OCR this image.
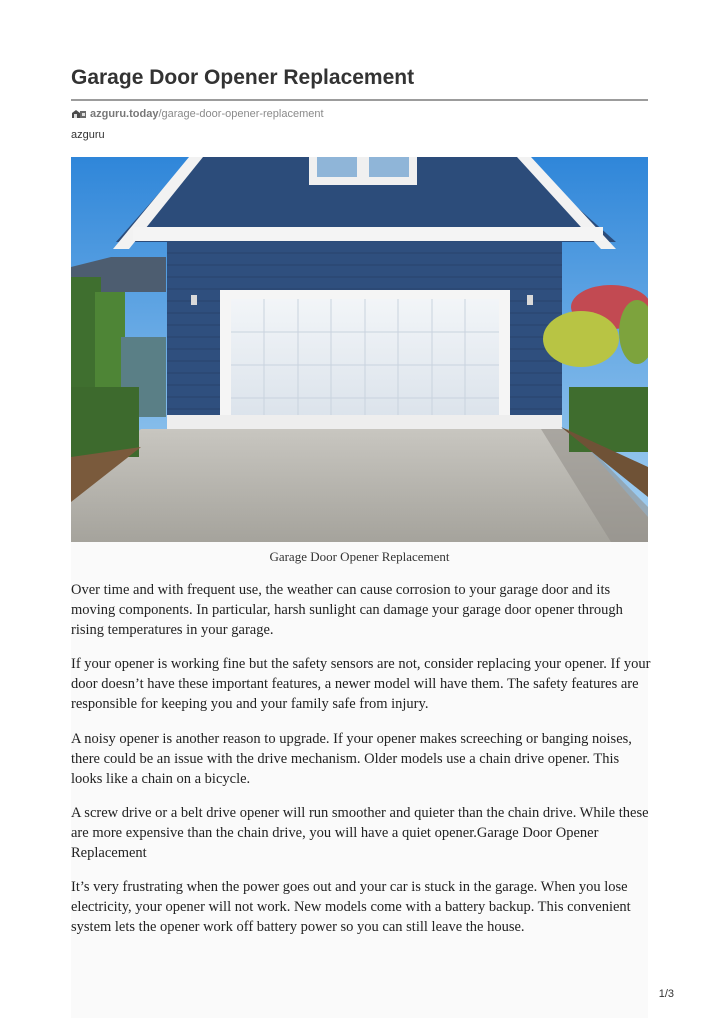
Garage Door Opener Replacement
azguru.today/garage-door-opener-replacement
azguru
Garage Door Opener Replacement

Over time and with frequent use, the weather can cause corrosion to your garage door and its moving components. In particular, harsh sunlight can damage your garage door opener through rising temperatures in your garage.

If your opener is working fine but the safety sensors are not, consider replacing your opener. If your door doesn’t have these important features, a newer model will have them. The safety features are responsible for keeping you and your family safe from injury.

A noisy opener is another reason to upgrade. If your opener makes screeching or banging noises, there could be an issue with the drive mechanism. Older models use a chain drive opener. This looks like a chain on a bicycle.

A screw drive or a belt drive opener will run smoother and quieter than the chain drive. While these are more expensive than the chain drive, you will have a quiet opener.Garage Door Opener Replacement

It’s very frustrating when the power goes out and your car is stuck in the garage. When you lose electricity, your opener will not work. New models come with a battery backup. This convenient system lets the opener work off battery power so you can still leave the house.

1/3
